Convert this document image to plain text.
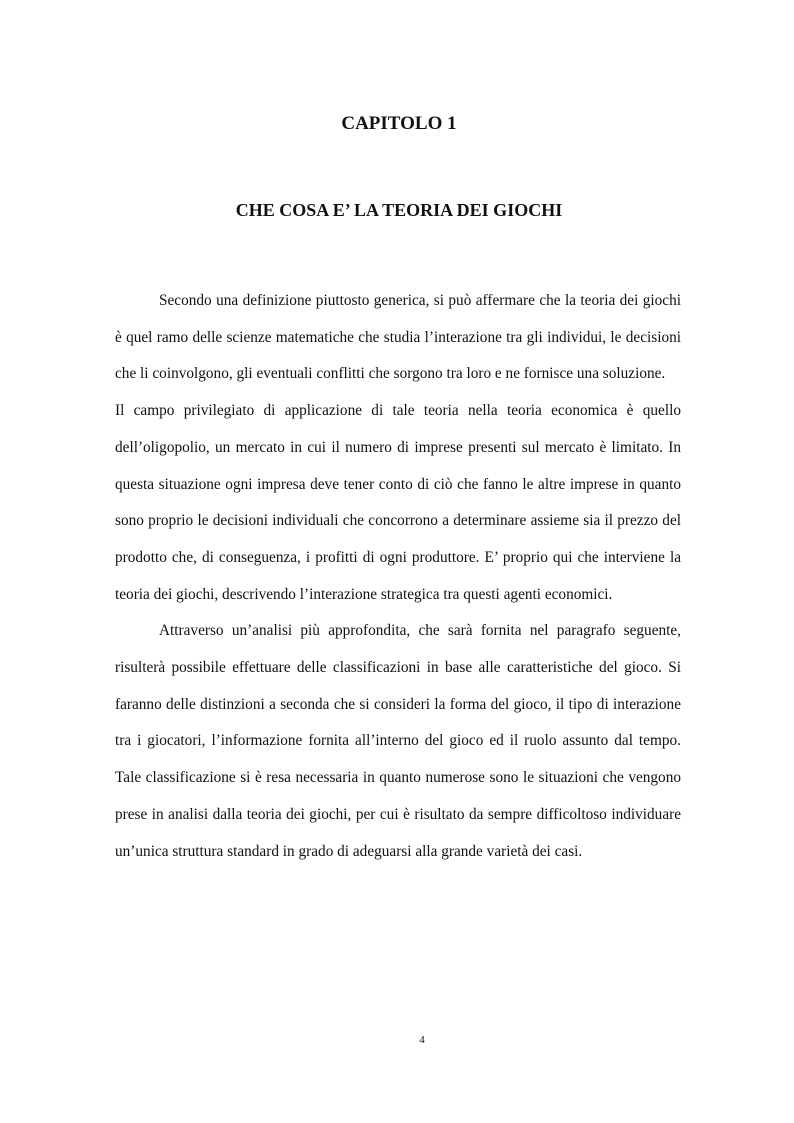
CAPITOLO 1
CHE COSA E’ LA TEORIA DEI GIOCHI

Secondo una definizione piuttosto generica, si può affermare che la teoria dei giochi è quel ramo delle scienze matematiche che studia l’interazione tra gli individui, le decisioni che li coinvolgono, gli eventuali conflitti che sorgono tra loro e ne fornisce una soluzione.

Il campo privilegiato di applicazione di tale teoria nella teoria economica è quello dell’oligopolio, un mercato in cui il numero di imprese presenti sul mercato è limitato. In questa situazione ogni impresa deve tener conto di ciò che fanno le altre imprese in quanto sono proprio le decisioni individuali che concorrono a determinare assieme sia il prezzo del prodotto che, di conseguenza, i profitti di ogni produttore. E’ proprio qui che interviene la teoria dei giochi, descrivendo l’interazione strategica tra questi agenti economici.

Attraverso un’analisi più approfondita, che sarà fornita nel paragrafo seguente, risulterà possibile effettuare delle classificazioni in base alle caratteristiche del gioco. Si faranno delle distinzioni a seconda che si consideri la forma del gioco, il tipo di interazione tra i giocatori, l’informazione fornita all’interno del gioco ed il ruolo assunto dal tempo. Tale classificazione si è resa necessaria in quanto numerose sono le situazioni che vengono prese in analisi dalla teoria dei giochi, per cui è risultato da sempre difficoltoso individuare un’unica struttura standard in grado di adeguarsi alla grande varietà dei casi.

4
